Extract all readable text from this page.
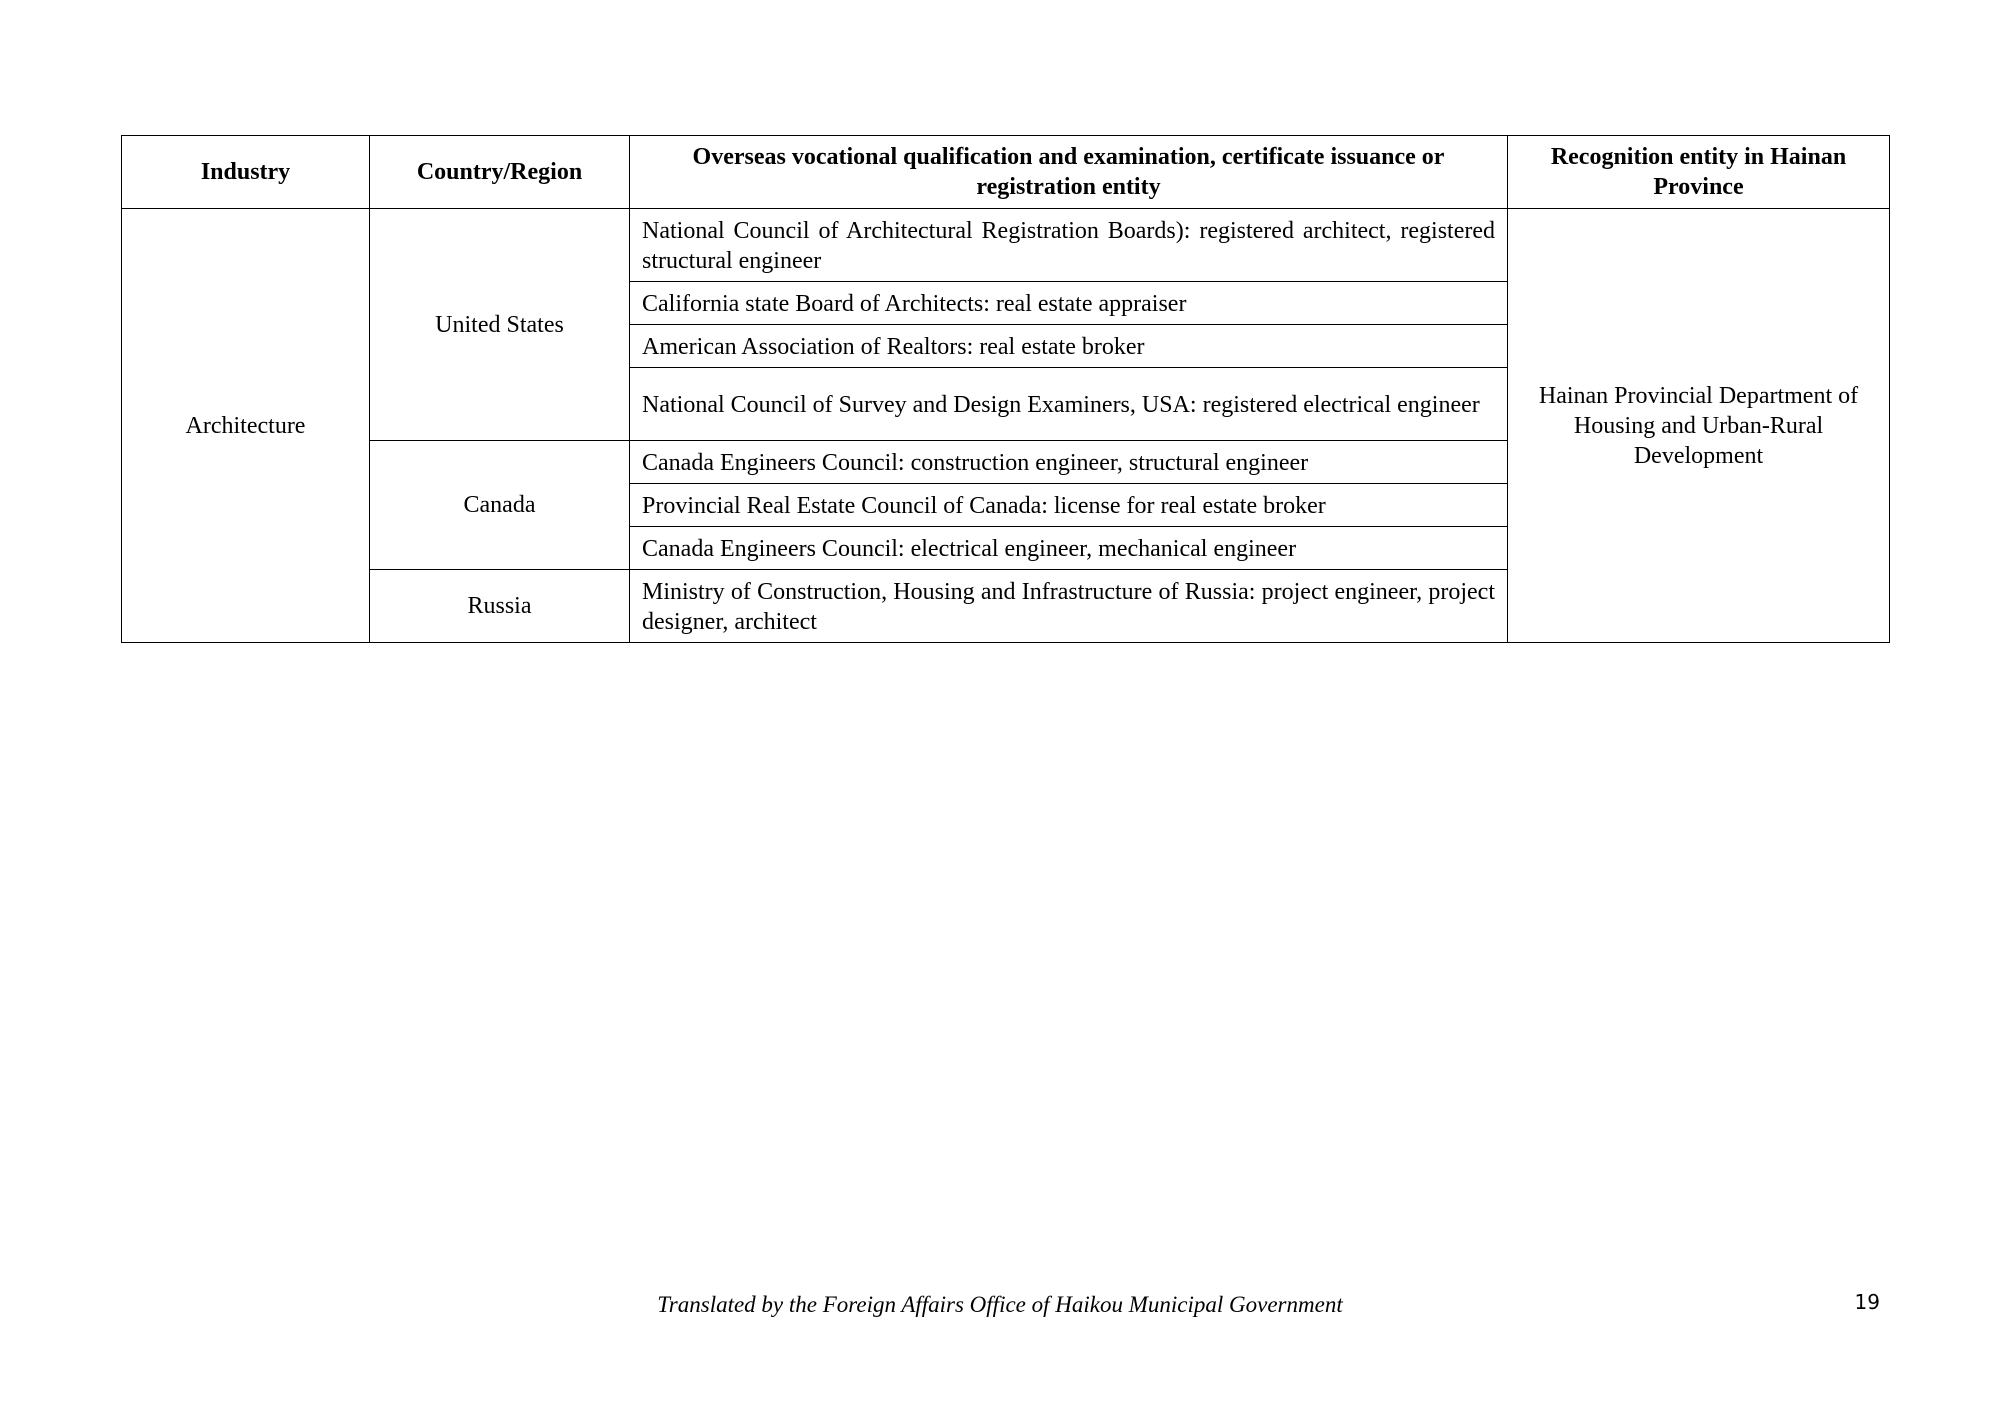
Industry	Country/Region	Overseas vocational qualification and examination, certificate issuance or registration entity	Recognition entity in Hainan Province
Architecture	United States	National Council of Architectural Registration Boards): registered architect, registered structural engineer	Hainan Provincial Department of Housing and Urban-Rural Development
		California state Board of Architects: real estate appraiser	
		American Association of Realtors: real estate broker	
		National Council of Survey and Design Examiners, USA: registered electrical engineer	
	Canada	Canada Engineers Council: construction engineer, structural engineer	
		Provincial Real Estate Council of Canada: license for real estate broker	
		Canada Engineers Council: electrical engineer, mechanical engineer	
	Russia	Ministry of Construction, Housing and Infrastructure of Russia: project engineer, project designer, architect	
Translated by the Foreign Affairs Office of Haikou Municipal Government	19
